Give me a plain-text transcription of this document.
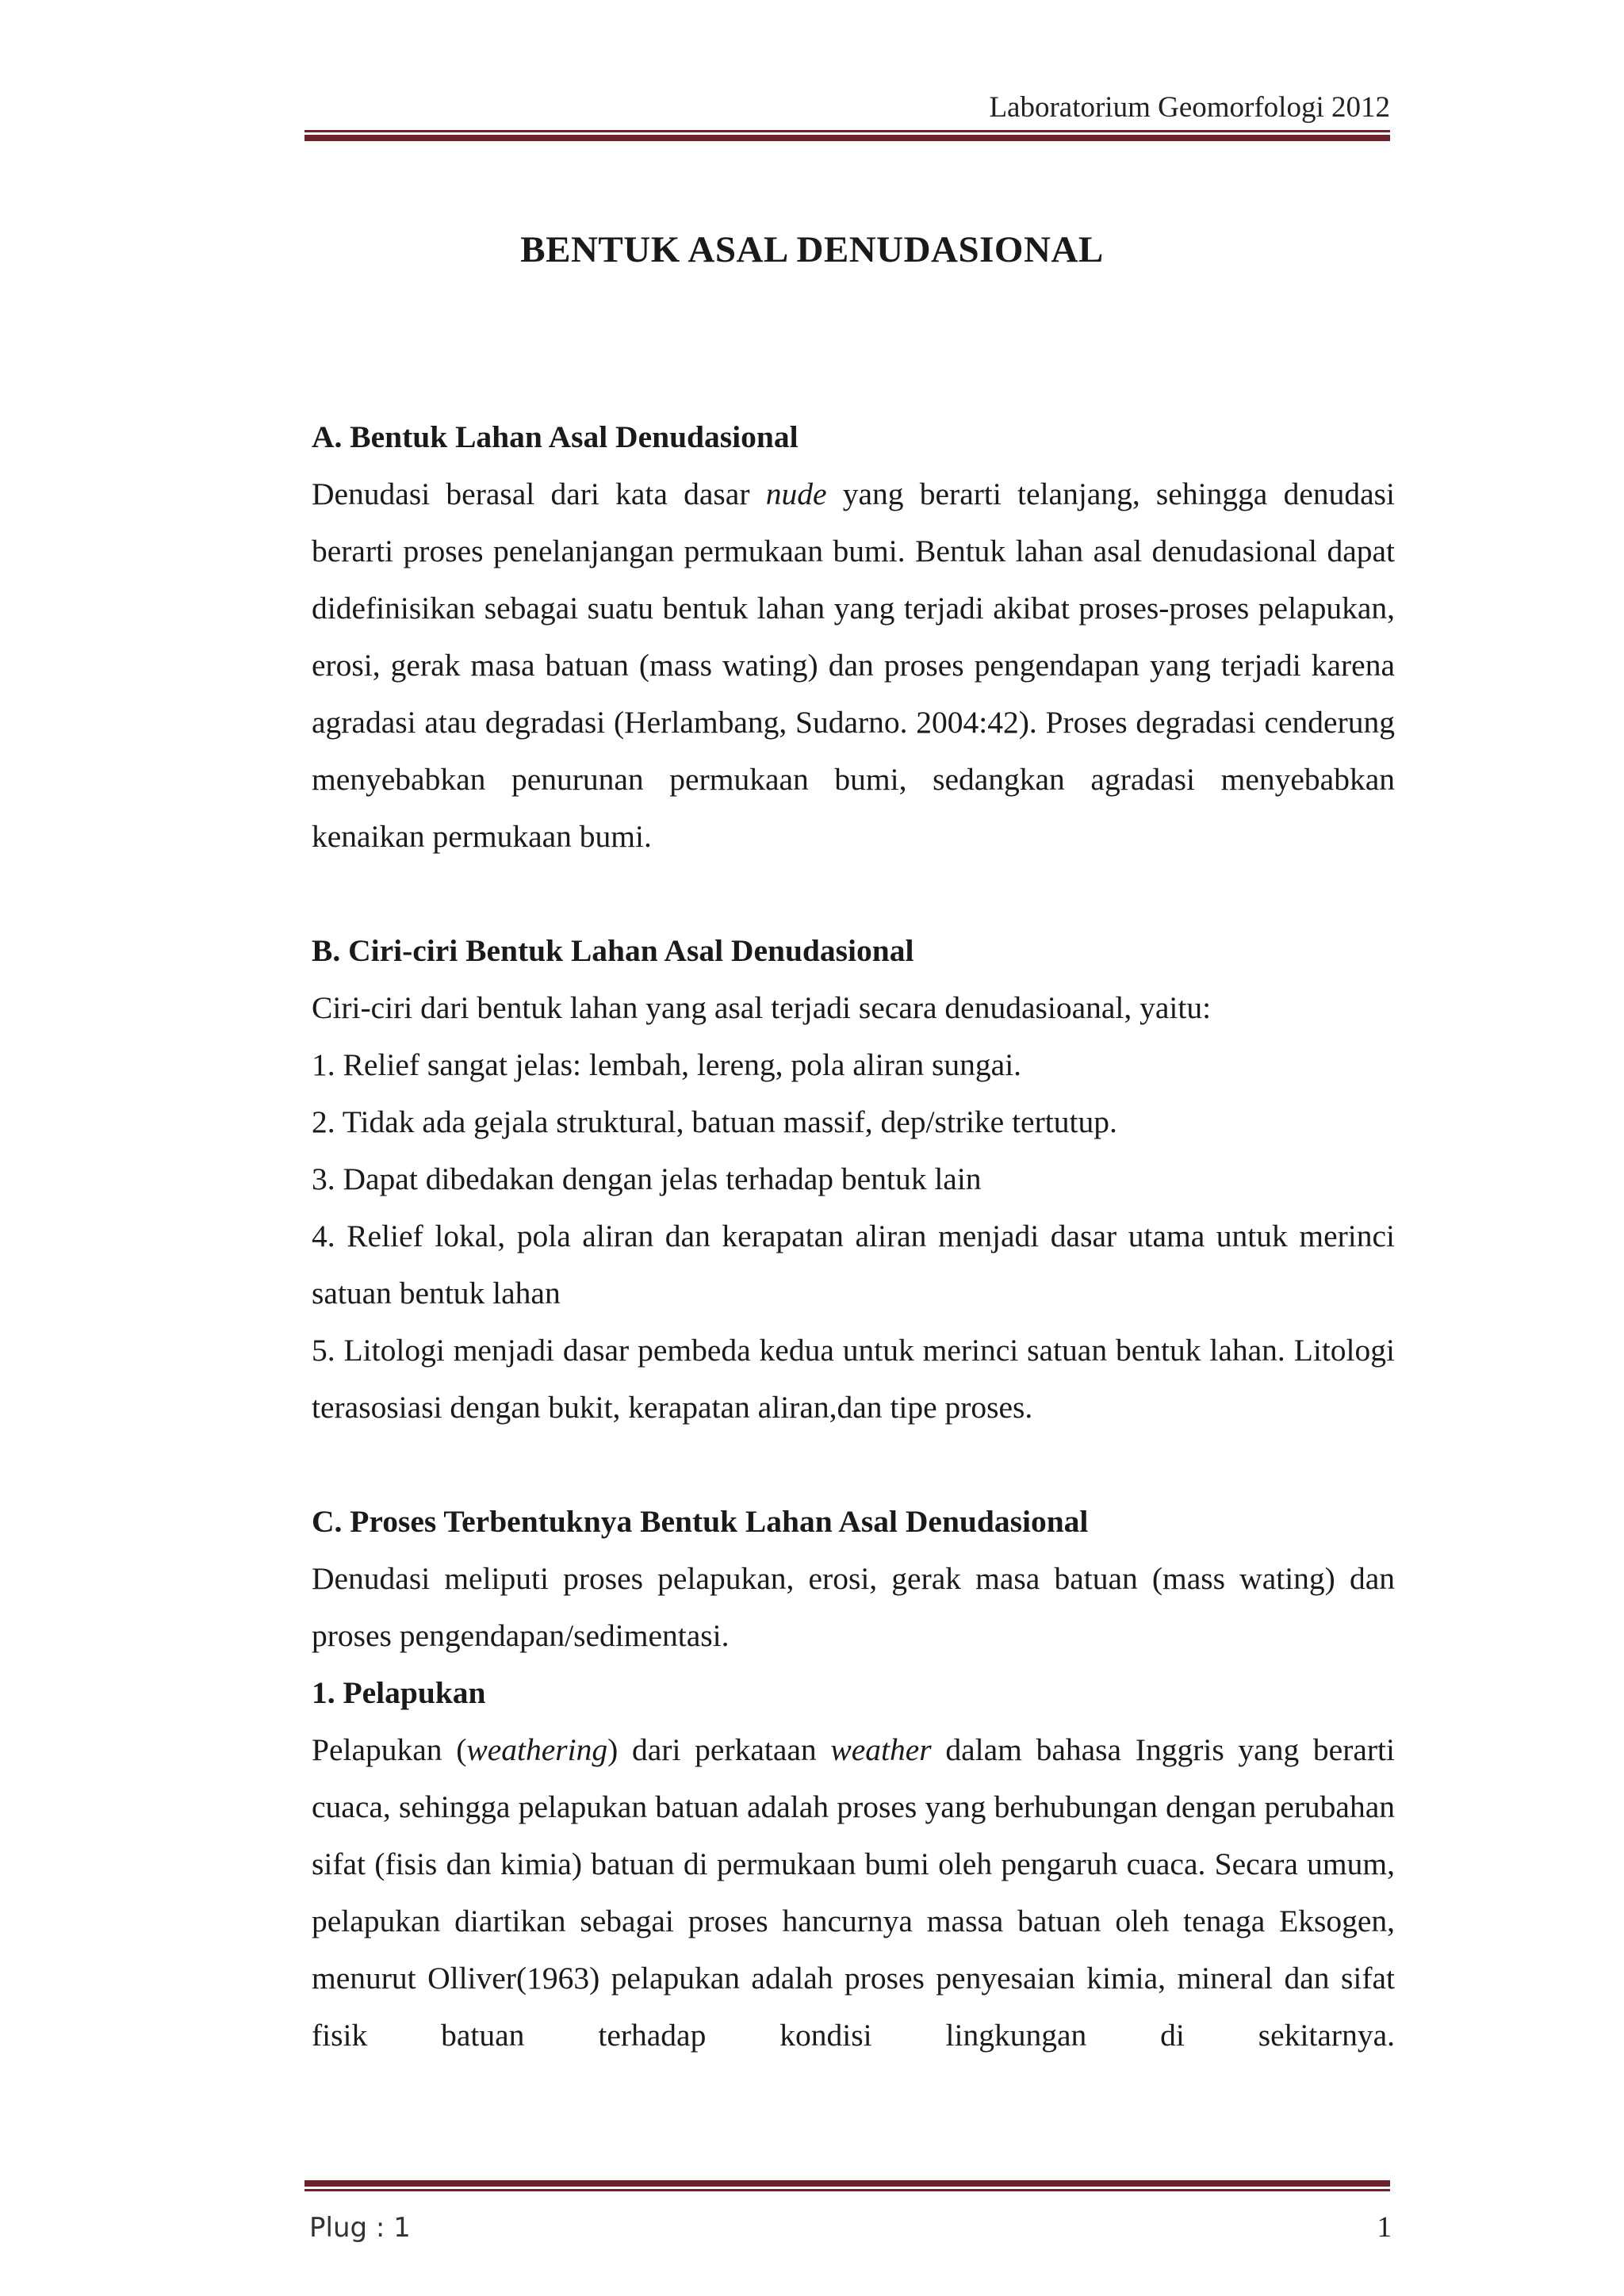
Laboratorium Geomorfologi 2012
BENTUK ASAL DENUDASIONAL
A. Bentuk Lahan Asal Denudasional

Denudasi berasal dari kata dasar nude yang berarti telanjang, sehingga denudasi berarti proses penelanjangan permukaan bumi. Bentuk lahan asal denudasional dapat didefinisikan sebagai suatu bentuk lahan yang terjadi akibat proses-proses pelapukan, erosi, gerak masa batuan (mass wating) dan proses pengendapan yang terjadi karena agradasi atau degradasi (Herlambang, Sudarno. 2004:42). Proses degradasi cenderung menyebabkan penurunan permukaan bumi, sedangkan agradasi menyebabkan kenaikan permukaan bumi.

B. Ciri-ciri Bentuk Lahan Asal Denudasional
Ciri-ciri dari bentuk lahan yang asal terjadi secara denudasioanal, yaitu:
1. Relief sangat jelas: lembah, lereng, pola aliran sungai.
2. Tidak ada gejala struktural, batuan massif, dep/strike tertutup.
3. Dapat dibedakan dengan jelas terhadap bentuk lain

4. Relief lokal, pola aliran dan kerapatan aliran menjadi dasar utama untuk merinci satuan bentuk lahan

5. Litologi menjadi dasar pembeda kedua untuk merinci satuan bentuk lahan. Litologi terasosiasi dengan bukit, kerapatan aliran,dan tipe proses.

C. Proses Terbentuknya Bentuk Lahan Asal Denudasional

Denudasi meliputi proses pelapukan, erosi, gerak masa batuan (mass wating) dan proses pengendapan/sedimentasi.

1. Pelapukan

Pelapukan (weathering) dari perkataan weather dalam bahasa Inggris yang berarti cuaca, sehingga pelapukan batuan adalah proses yang berhubungan dengan perubahan sifat (fisis dan kimia) batuan di permukaan bumi oleh pengaruh cuaca. Secara umum, pelapukan diartikan sebagai proses hancurnya massa batuan oleh tenaga Eksogen, menurut Olliver(1963) pelapukan adalah proses penyesaian kimia, mineral dan sifat fisik batuan terhadap kondisi lingkungan di sekitarnya.

Plug : 1	1
